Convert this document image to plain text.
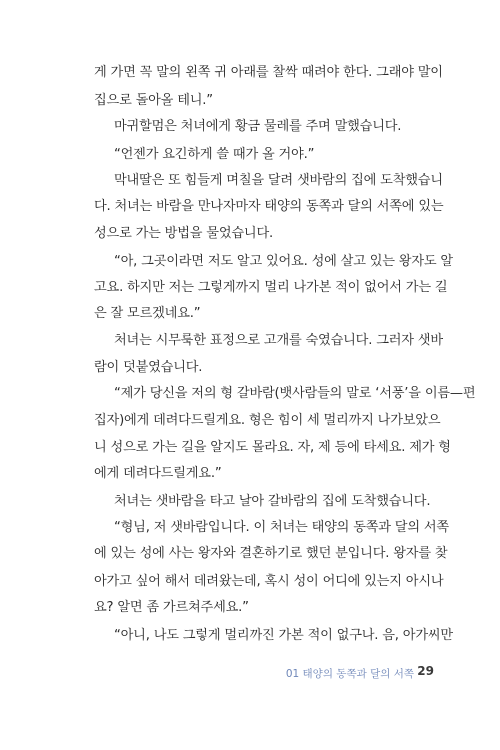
게 가면 꼭 말의 왼쪽 귀 아래를 찰싹 때려야 한다. 그래야 말이
집으로 돌아올 테니.”
마귀할멈은 처녀에게 황금 물레를 주며 말했습니다.
“언젠가 요긴하게 쓸 때가 올 거야.”
막내딸은 또 힘들게 며칠을 달려 샛바람의 집에 도착했습니
다. 처녀는 바람을 만나자마자 태양의 동쪽과 달의 서쪽에 있는
성으로 가는 방법을 물었습니다.
“아, 그곳이라면 저도 알고 있어요. 성에 살고 있는 왕자도 알
고요. 하지만 저는 그렇게까지 멀리 나가본 적이 없어서 가는 길
은 잘 모르겠네요.”
처녀는 시무룩한 표정으로 고개를 숙였습니다. 그러자 샛바
람이 덧붙였습니다.
“제가 당신을 저의 형 갈바람(뱃사람들의 말로 ‘서풍’을 이름—편
집자)에게 데려다드릴게요. 형은 힘이 세 멀리까지 나가보았으
니 성으로 가는 길을 알지도 몰라요. 자, 제 등에 타세요. 제가 형
에게 데려다드릴게요.”
처녀는 샛바람을 타고 날아 갈바람의 집에 도착했습니다.
“형님, 저 샛바람입니다. 이 처녀는 태양의 동쪽과 달의 서쪽
에 있는 성에 사는 왕자와 결혼하기로 했던 분입니다. 왕자를 찾
아가고 싶어 해서 데려왔는데, 혹시 성이 어디에 있는지 아시나
요? 알면 좀 가르쳐주세요.”
“아니, 나도 그렇게 멀리까진 가본 적이 없구나. 음, 아가씨만
01 태양의 동쪽과 달의 서쪽 29
